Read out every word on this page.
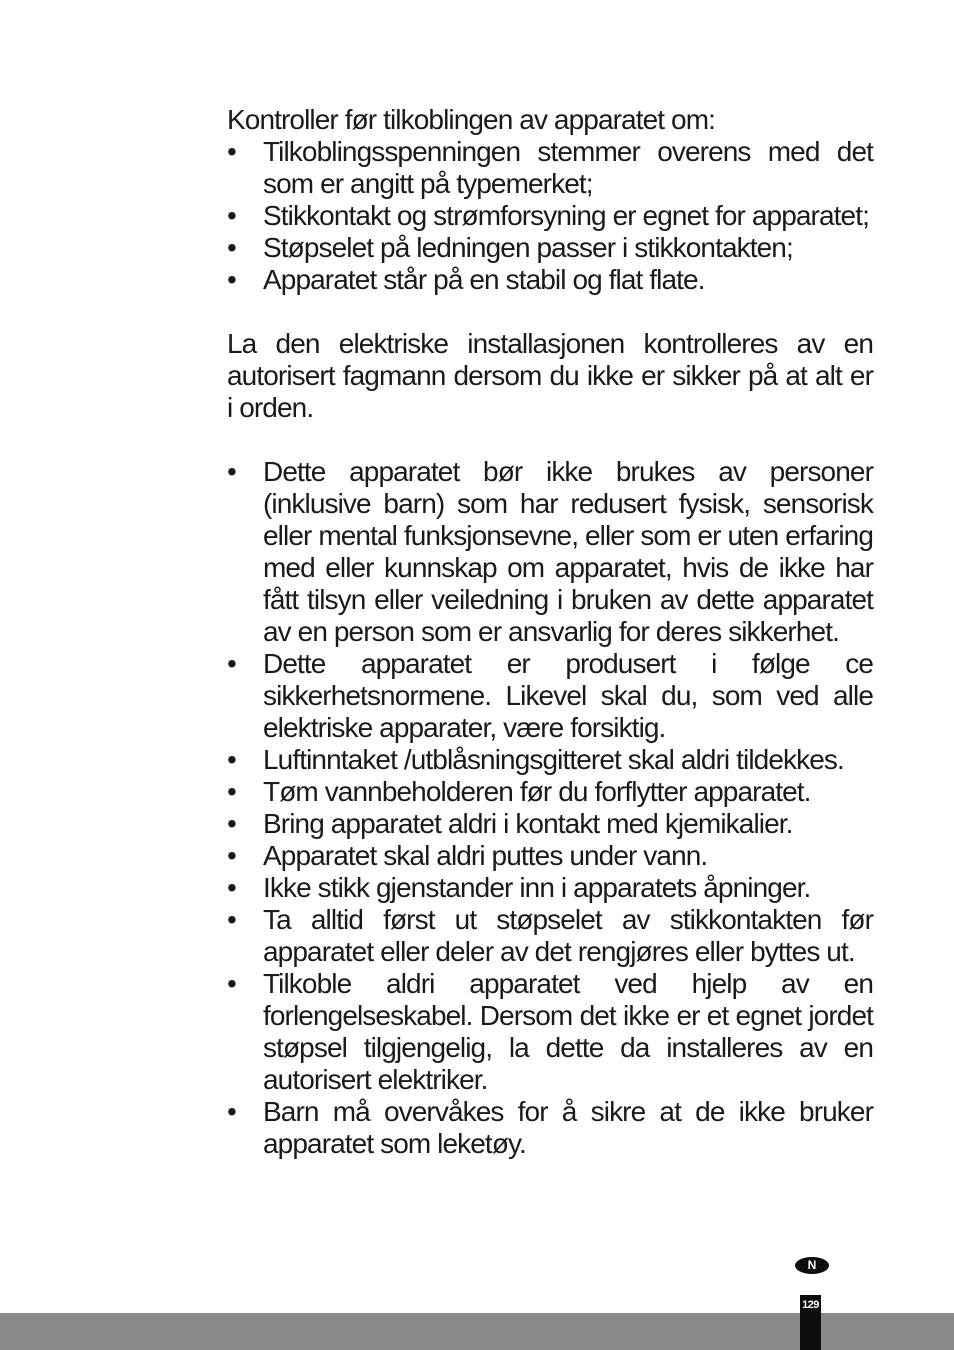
Kontroller før tilkoblingen av apparatet om:

• Tilkoblingsspenningen stemmer overens med det som er angitt på typemerket;
• Stikkontakt og strømforsyning er egnet for apparatet;
• Støpselet på ledningen passer i stikkontakten;
• Apparatet står på en stabil og flat flate.

La den elektriske installasjonen kontrolleres av en autorisert fagmann dersom du ikke er sikker på at alt er i orden.

• Dette apparatet bør ikke brukes av personer (inklusive barn) som har redusert fysisk, sensorisk eller mental funksjonsevne, eller som er uten erfaring med eller kunnskap om apparatet, hvis de ikke har fått tilsyn eller veiledning i bruken av dette apparatet av en person som er ansvarlig for deres sikkerhet.
• Dette apparatet er produsert i følge ce sikkerhetsnormene. Likevel skal du, som ved alle elektriske apparater, være forsiktig.
• Luftinntaket /utblåsningsgitteret skal aldri tildekkes.
• Tøm vannbeholderen før du forflytter apparatet.
• Bring apparatet aldri i kontakt med kjemikalier.
• Apparatet skal aldri puttes under vann.
• Ikke stikk gjenstander inn i apparatets åpninger.
• Ta alltid først ut støpselet av stikkontakten før apparatet eller deler av det rengjøres eller byttes ut.
• Tilkoble aldri apparatet ved hjelp av en forlengelseskabel. Dersom det ikke er et egnet jordet støpsel tilgjengelig, la dette da installeres av en autorisert elektriker.
• Barn må overvåkes for å sikre at de ikke bruker apparatet som leketøy.
N
129
